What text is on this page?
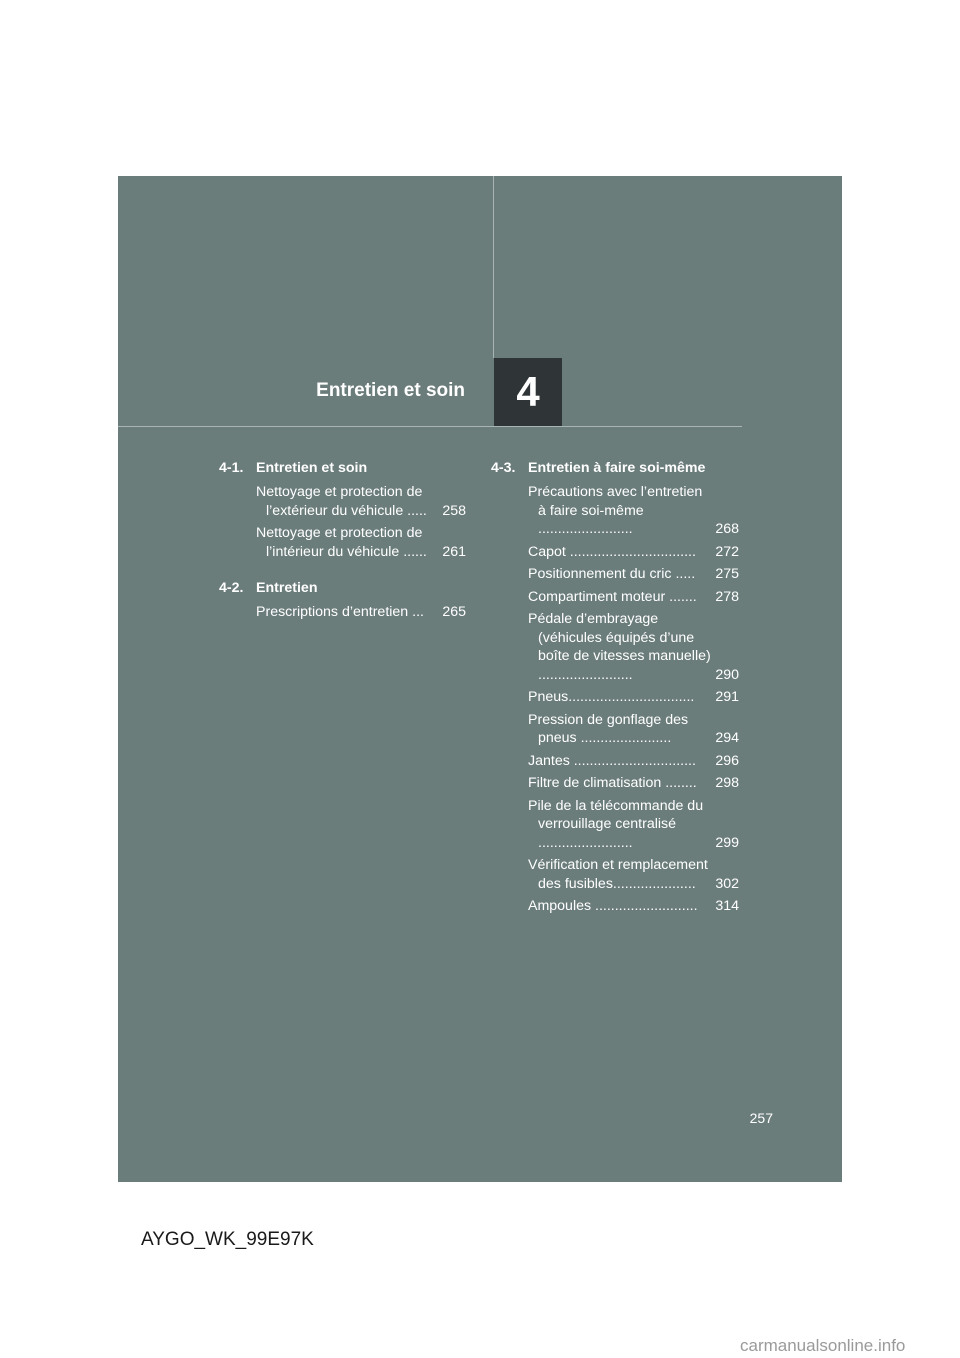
Entretien et soin	4
4-1. Entretien et soin
Nettoyage et protection de l’extérieur du véhicule .....	258
Nettoyage et protection de l’intérieur du véhicule ......	261
4-2. Entretien
Prescriptions d’entretien ...	265
4-3. Entretien à faire soi-même
Précautions avec l’entretien à faire soi-même ........................	268
Capot ................................	272
Positionnement du cric .....	275
Compartiment moteur .......	278
Pédale d’embrayage (véhicules équipés d’une boîte de vitesses manuelle) ........................	290
Pneus................................	291
Pression de gonflage des pneus .......................	294
Jantes ...............................	296
Filtre de climatisation ........	298
Pile de la télécommande du verrouillage centralisé ........................	299
Vérification et remplacement des fusibles.....................	302
Ampoules ..........................	314
257
AYGO_WK_99E97K
carmanualsonline.info
